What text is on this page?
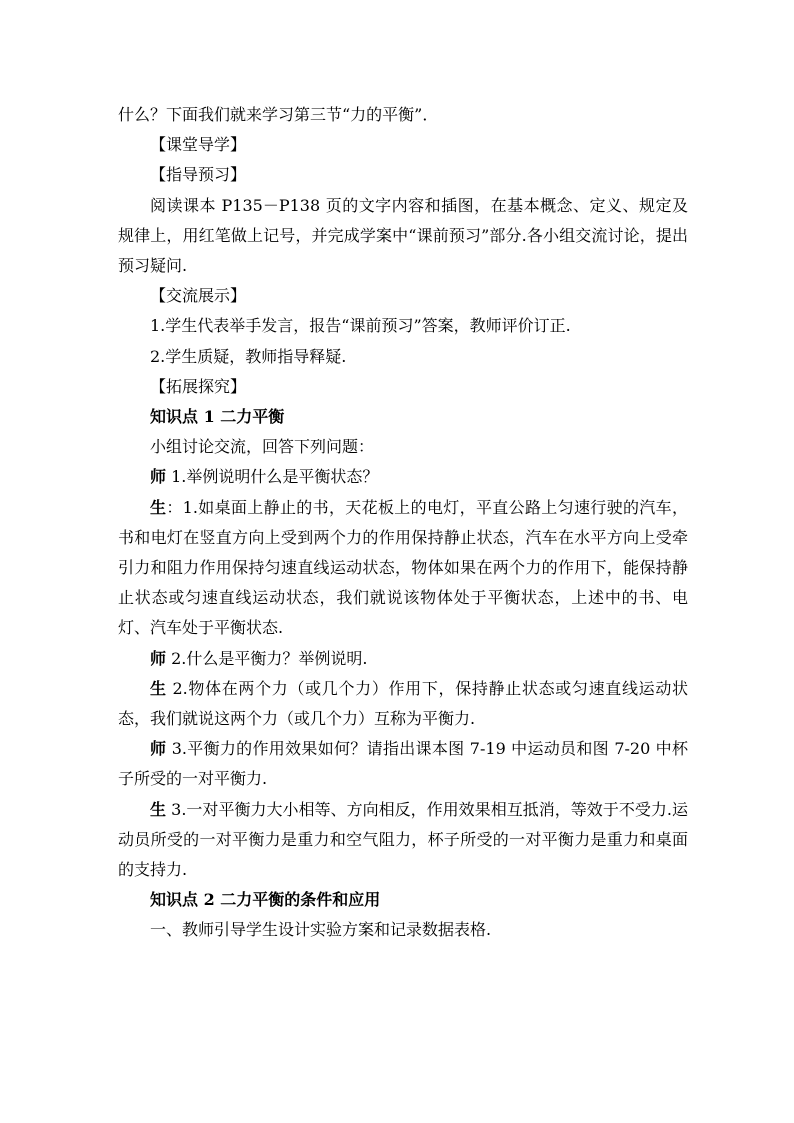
什么？下面我们就来学习第三节“力的平衡”．

【课堂导学】

【指导预习】

阅读课本 P135－P138 页的文字内容和插图，在基本概念、定义、规定及规律上，用红笔做上记号，并完成学案中“课前预习”部分.各小组交流讨论，提出预习疑问.

【交流展示】

1.学生代表举手发言，报告“课前预习”答案，教师评价订正.

2.学生质疑，教师指导释疑.

【拓展探究】

知识点 1 二力平衡

小组讨论交流，回答下列问题：

师 1.举例说明什么是平衡状态？

生：1.如桌面上静止的书，天花板上的电灯，平直公路上匀速行驶的汽车，书和电灯在竖直方向上受到两个力的作用保持静止状态，汽车在水平方向上受牵引力和阻力作用保持匀速直线运动状态，物体如果在两个力的作用下，能保持静止状态或匀速直线运动状态，我们就说该物体处于平衡状态，上述中的书、电灯、汽车处于平衡状态.

师 2.什么是平衡力？举例说明.

生 2.物体在两个力（或几个力）作用下，保持静止状态或匀速直线运动状态，我们就说这两个力（或几个力）互称为平衡力.

师 3.平衡力的作用效果如何？请指出课本图 7-19 中运动员和图 7-20 中杯子所受的一对平衡力.

生 3.一对平衡力大小相等、方向相反，作用效果相互抵消，等效于不受力.运动员所受的一对平衡力是重力和空气阻力，杯子所受的一对平衡力是重力和桌面的支持力.

知识点 2 二力平衡的条件和应用

一、教师引导学生设计实验方案和记录数据表格.
